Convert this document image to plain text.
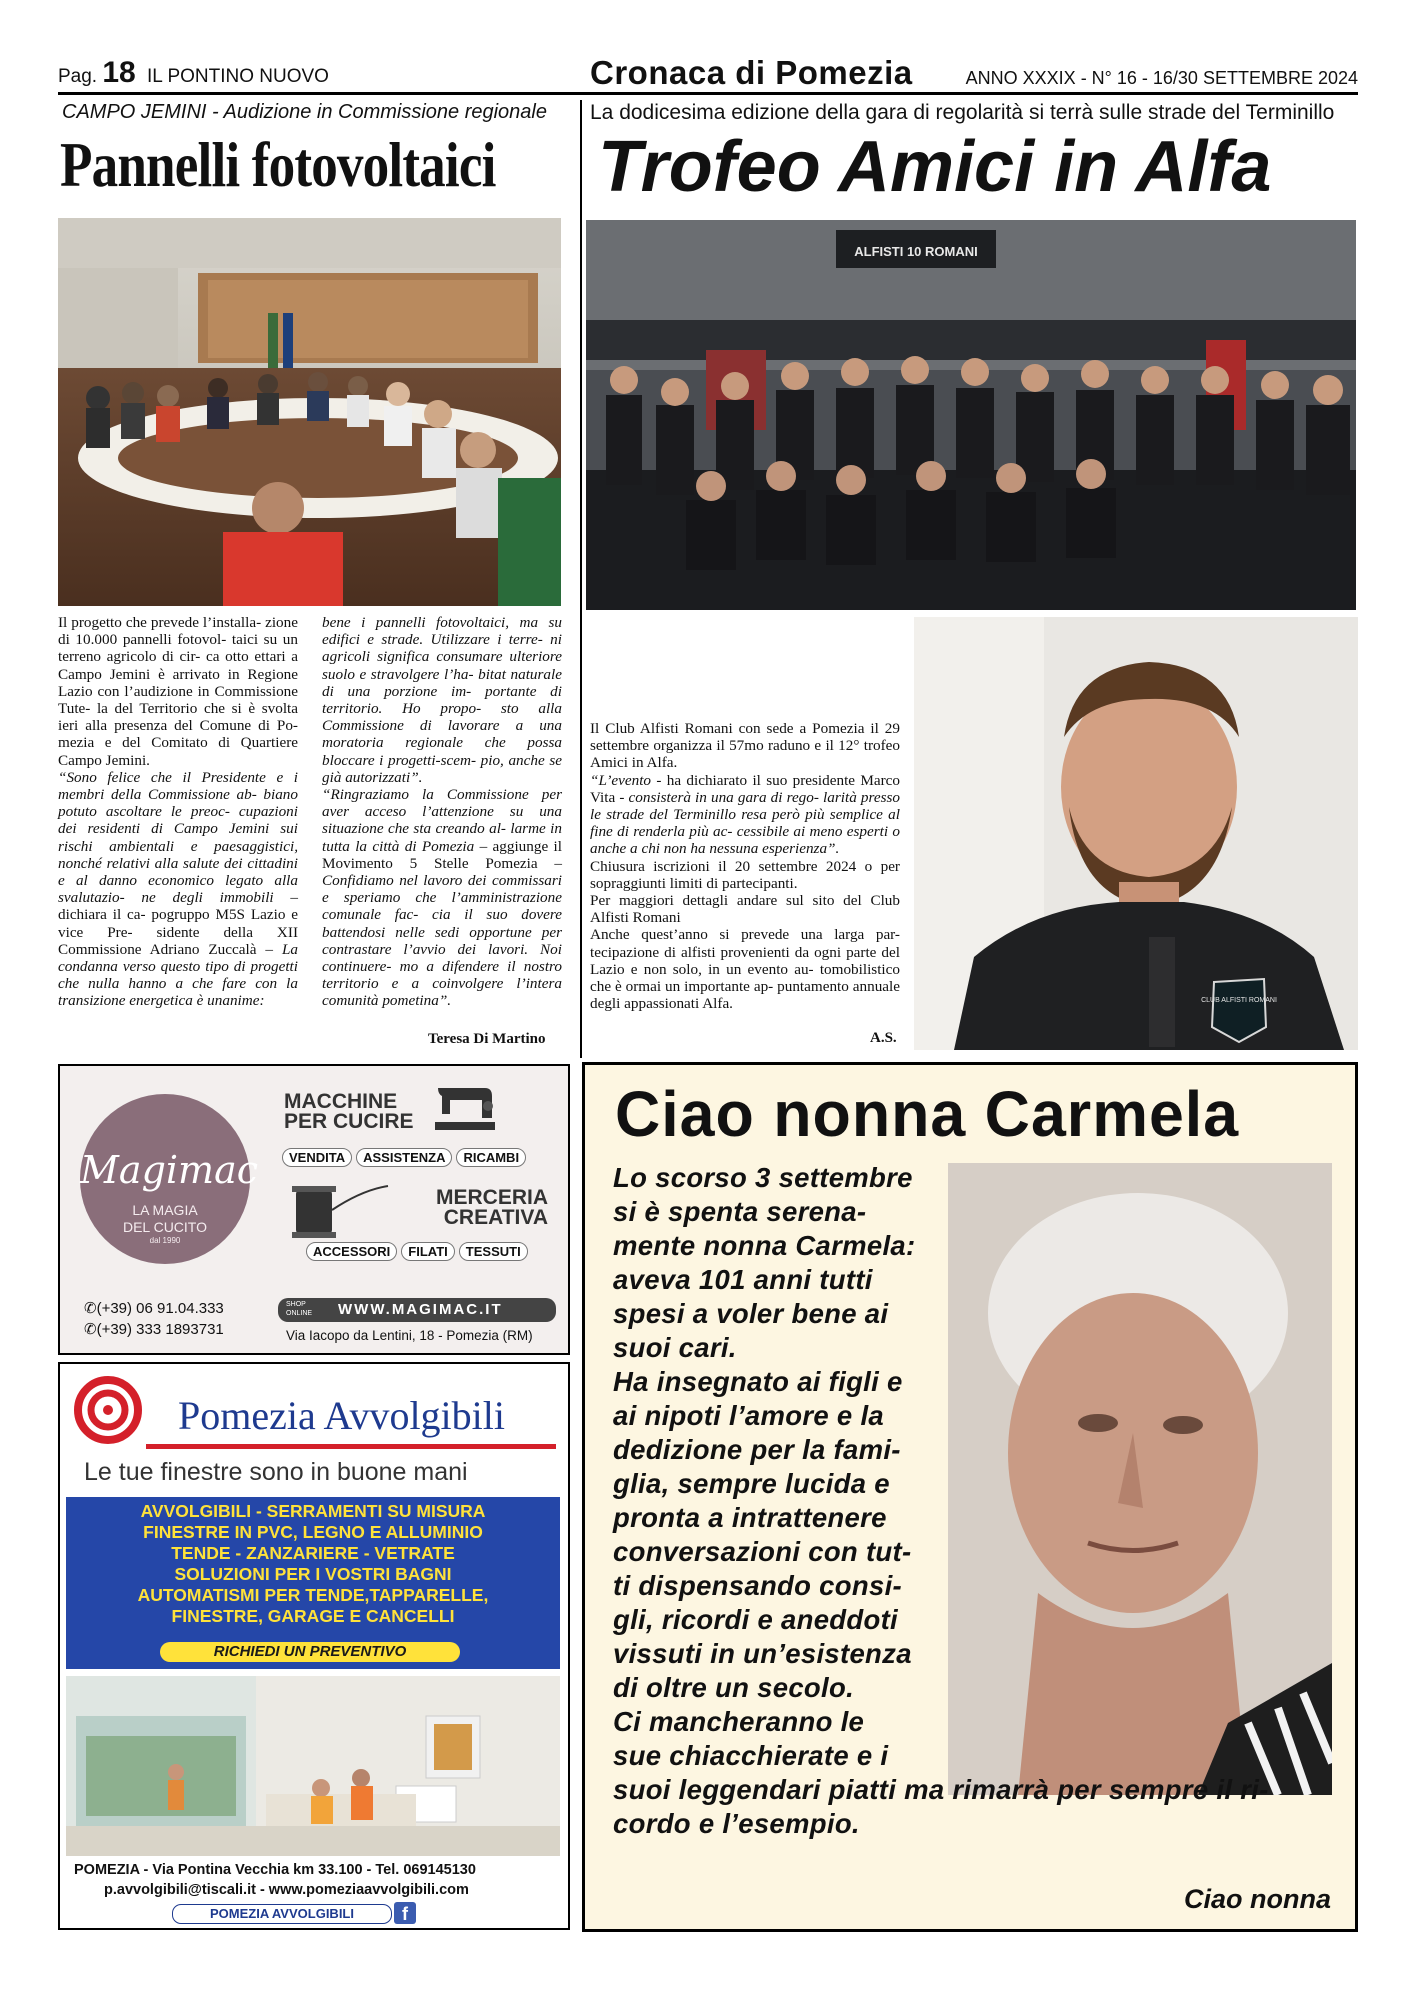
Pag. 18 IL PONTINO NUOVO	Cronaca di Pomezia	ANNO XXXIX - N° 16 - 16/30 SETTEMBRE 2024
CAMPO JEMINI - Audizione in Commissione regionale
Pannelli fotovoltaici

Il progetto che prevede l’installa- zione di 10.000 pannelli fotovol- taici su un terreno agricolo di cir- ca otto ettari a Campo Jemini è arrivato in Regione Lazio con l’audizione in Commissione Tute- la del Territorio che si è svolta ieri alla presenza del Comune di Po- mezia e del Comitato di Quartiere Campo Jemini.

“Sono felice che il Presidente e i membri della Commissione ab- biano potuto ascoltare le preoc- cupazioni dei residenti di Campo Jemini sui rischi ambientali e paesaggistici, nonché relativi alla salute dei cittadini e al danno economico legato alla svalutazio- ne degli immobili – dichiara il ca- pogruppo M5S Lazio e vice Pre- sidente della XII Commissione Adriano Zuccalà – La condanna verso questo tipo di progetti che nulla hanno a che fare con la transizione energetica è unanime:

bene i pannelli fotovoltaici, ma su edifici e strade. Utilizzare i terre- ni agricoli significa consumare ulteriore suolo e stravolgere l’ha- bitat naturale di una porzione im- portante di territorio. Ho propo- sto alla Commissione di lavorare a una moratoria regionale che possa bloccare i progetti-scem- pio, anche se già autorizzati”.

“Ringraziamo la Commissione per aver acceso l’attenzione su una situazione che sta creando al- larme in tutta la città di Pomezia – aggiunge il Movimento 5 Stelle Pomezia – Confidiamo nel lavoro dei commissari e speriamo che l’amministrazione comunale fac- cia il suo dovere battendosi nelle sedi opportune per contrastare l’avvio dei lavori. Noi continuere- mo a difendere il nostro territorio e a coinvolgere l’intera comunità pometina”.

Teresa Di Martino
La dodicesima edizione della gara di regolarità si terrà sulle strade del Terminillo
Trofeo Amici in Alfa
ALFISTI 10 ROMANI

Il Club Alfisti Romani con sede a Pomezia il 29 settembre organizza il 57mo raduno e il 12° trofeo Amici in Alfa.

“L’evento - ha dichiarato il suo presidente Marco Vita - consisterà in una gara di rego- larità presso le strade del Terminillo resa però più semplice al fine di renderla più ac- cessibile ai meno esperti o anche a chi non ha nessuna esperienza”.

Chiusura iscrizioni il 20 settembre 2024 o per sopraggiunti limiti di partecipanti.

Per maggiori dettagli andare sul sito del Club Alfisti Romani

Anche quest’anno si prevede una larga par- tecipazione di alfisti provenienti da ogni parte del Lazio e non solo, in un evento au- tomobilistico che è ormai un importante ap- puntamento annuale degli appassionati Alfa.

A.S.
CLUB ALFISTI ROMANI
Magimac
LA MAGIA
DEL CUCITO
dal 1990
MACCHINE
PER CUCIRE
VENDITA	ASSISTENZA	RICAMBI
MERCERIA
CREATIVA
ACCESSORI	FILATI	TESSUTI
✆(+39) 06 91.04.333
✆(+39) 333 1893731
SHOP ONLINE	WWW.MAGIMAC.IT
Via Iacopo da Lentini, 18 - Pomezia (RM)
Pomezia Avvolgibili
Le tue finestre sono in buone mani
AVVOLGIBILI - SERRAMENTI SU MISURA
FINESTRE IN PVC, LEGNO E ALLUMINIO
TENDE - ZANZARIERE - VETRATE
SOLUZIONI PER I VOSTRI BAGNI
AUTOMATISMI PER TENDE,TAPPARELLE,
FINESTRE, GARAGE E CANCELLI
RICHIEDI UN PREVENTIVO
POMEZIA - Via Pontina Vecchia km 33.100 - Tel. 069145130
p.avvolgibili@tiscali.it - www.pomeziaavvolgibili.com
POMEZIA AVVOLGIBILI	f
Ciao nonna Carmela
Lo scorso 3 settembre
si è spenta serena-
mente nonna Carmela:
aveva 101 anni tutti
spesi a voler bene ai
suoi cari.
Ha insegnato ai figli e
ai nipoti l’amore e la
dedizione per la fami-
glia, sempre lucida e
pronta a intrattenere
conversazioni con tut-
ti dispensando consi-
gli, ricordi e aneddoti
vissuti in un’esistenza
di oltre un secolo.
Ci mancheranno le
sue chiacchierate e i
suoi leggendari piatti ma rimarrà per sempre il ri-
cordo e l’esempio.
Ciao nonna
